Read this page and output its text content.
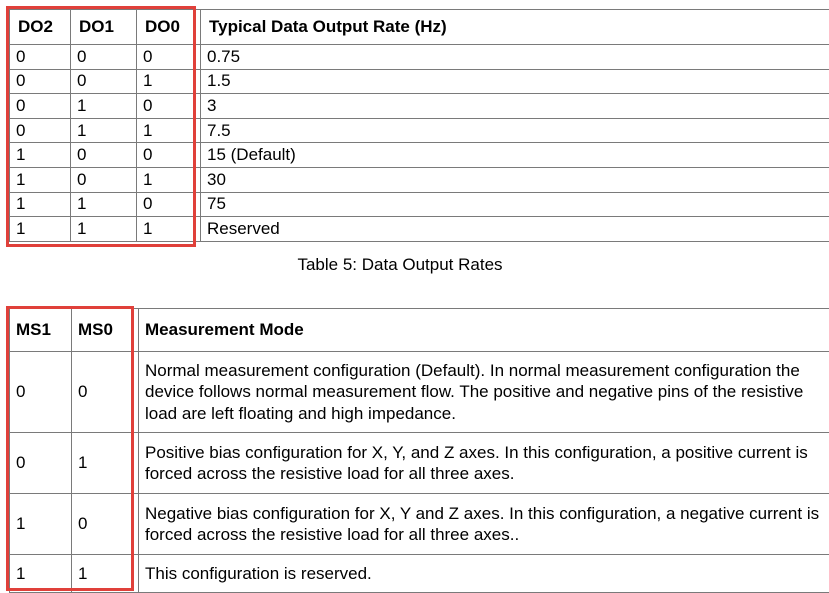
DO2	DO1	DO0	Typical Data Output Rate (Hz)
0	0	0	0.75
0	0	1	1.5
0	1	0	3
0	1	1	7.5
1	0	0	15 (Default)
1	0	1	30
1	1	0	75
1	1	1	Reserved
Table 5: Data Output Rates
MS1	MS0	Measurement Mode
0	0	Normal measurement configuration (Default). In normal measurement configuration the device follows normal measurement flow. The positive and negative pins of the resistive load are left floating and high impedance.
0	1	Positive bias configuration for X, Y, and Z axes. In this configuration, a positive current is forced across the resistive load for all three axes.
1	0	Negative bias configuration for X, Y and Z axes. In this configuration, a negative current is forced across the resistive load for all three axes..
1	1	This configuration is reserved.
